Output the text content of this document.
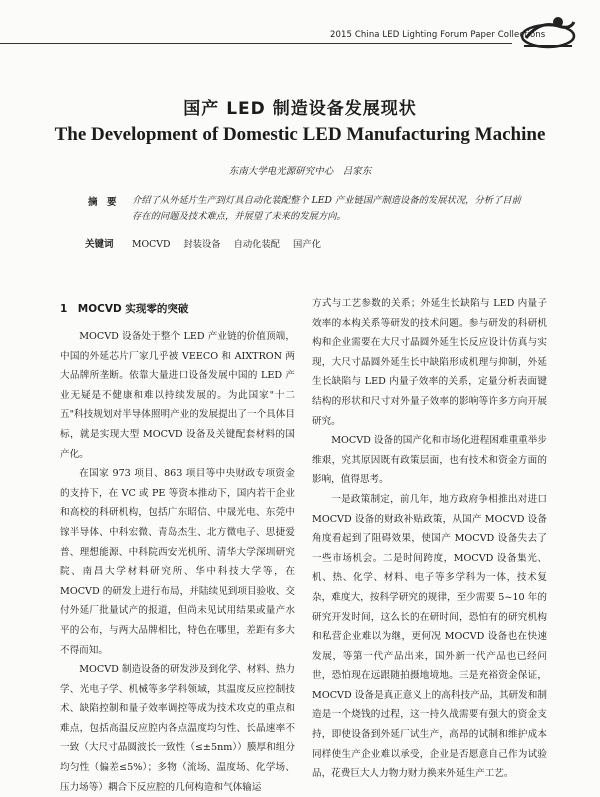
2015 China LED Lighting Forum Paper Collections
国产 LED 制造设备发展现状
The Development of Domestic LED Manufacturing Machine
东南大学电光源研究中心　吕家东
摘　要 介绍了从外延片生产到灯具自动化装配整个 LED 产业链国产制造设备的发展状况，分析了目前存在的问题及技术难点，并展望了未来的发展方向。
关键词 MOCVD 封装设备 自动化装配 国产化
1　MOCVD 实现零的突破

MOCVD 设备处于整个 LED 产业链的价值顶端，中国的外延芯片厂家几乎被 VEECO 和 AIXTRON 两大品牌所垄断。依靠大量进口设备发展中国的 LED 产业无疑是不健康和难以持续发展的。为此国家"十二五"科技规划对半导体照明产业的发展提出了一个具体目标，就是实现大型 MOCVD 设备及关键配套材料的国产化。

在国家 973 项目、863 项目等中央财政专项资金的支持下，在 VC 或 PE 等资本推动下，国内若干企业和高校的科研机构，包括广东昭信、中晟光电、东莞中镓半导体、中科宏微、青岛杰生、北方微电子、思捷爱普、理想能源、中科院西安光机所、清华大学深圳研究院、南昌大学材料研究所、华中科技大学等，在 MOCVD 的研发上进行布局，并陆续见到项目验收、交付外延厂批量试产的报道，但尚未见试用结果或量产水平的公布，与两大品牌相比，特色在哪里，差距有多大不得而知。

MOCVD 制造设备的研发涉及到化学、材料、热力学、光电子学、机械等多学科领域，其温度反应控制技术、缺陷控制和量子效率调控等成为技术攻克的重点和难点，包括高温反应腔内各点温度均匀性、长晶速率不一致（大尺寸晶圆波长一致性（≤±5nm））膜厚和组分均匀性（偏差≤5%）；多物（流场、温度场、化学场、压力场等）耦合下反应腔的几何构造和气体输运

方式与工艺参数的关系；外延生长缺陷与 LED 内量子效率的本构关系等研发的技术问题。参与研发的科研机构和企业需要在大尺寸晶圆外延生长反应设计仿真与实现，大尺寸晶圆外延生长中缺陷形成机理与抑制，外延生长缺陷与 LED 内量子效率的关系，定量分析表面键结构的形状和尺寸对外量子效率的影响等许多方向开展研究。

MOCVD 设备的国产化和市场化进程困难重重举步维艰，究其原因既有政策层面，也有技术和资金方面的影响，值得思考。

一是政策制定，前几年，地方政府争相推出对进口 MOCVD 设备的财政补贴政策，从国产 MOCVD 设备角度看起到了阻碍效果，使国产 MOCVD 设备失去了一些市场机会。二是时间跨度，MOCVD 设备集光、机、热、化学、材料、电子等多学科为一体，技术复杂，难度大，按科学研究的规律，至少需要 5~10 年的研究开发时间，这么长的在研时间，恐怕有的研究机构和私营企业难以为继，更何况 MOCVD 设备也在快速发展，等第一代产品出来，国外新一代产品也已经问世，恐怕现在远跟随拍摄地境地。三是充裕资金保证，MOCVD 设备是真正意义上的高科技产品，其研发和制造是一个烧钱的过程，这一持久战需要有强大的资金支持，即使设备到外延厂试生产，高昂的试制和维护成本同样使生产企业难以承受，企业是否愿意自己作为试验品，花费巨大人力物力财力换来外延生产工艺。
